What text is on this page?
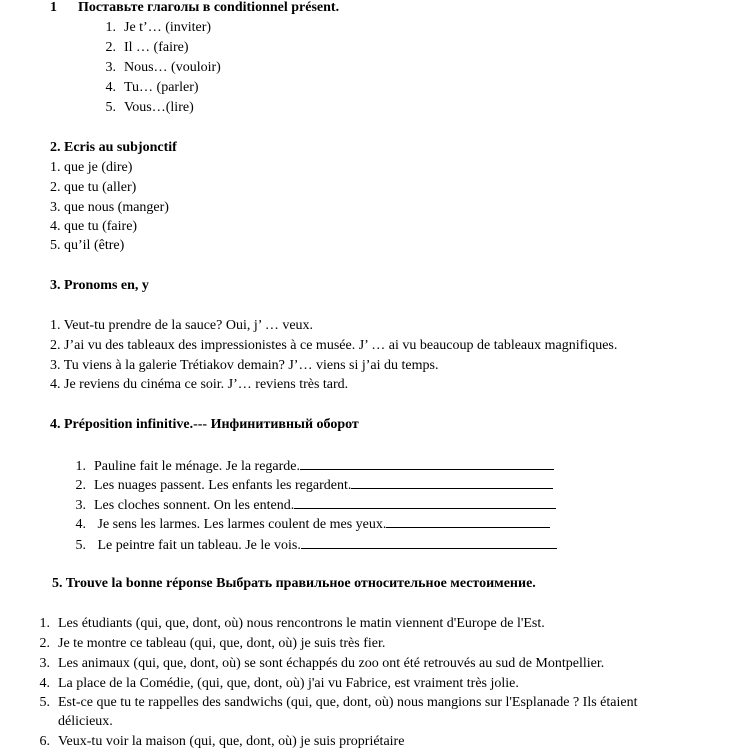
1 Поставьте глаголы в conditionnel présent.
1. Je t’… (inviter)
2. Il … (faire)
3. Nous… (vouloir)
4. Tu… (parler)
5. Vous…(lire)
2. Ecris au subjonctif
1. que je (dire)
2. que tu (aller)
3. que nous (manger)
4. que tu (faire)
5. qu’il (être)
3. Pronoms en, y
1. Veut-tu prendre de la sauce? Oui, j’ … veux.
2. J’ai vu des tableaux des impressionistes à ce musée. J’ … ai vu beaucoup de tableaux magnifiques.
3. Tu viens à la galerie Trétiakov demain? J’… viens si j’ai du temps.
4. Je reviens du cinéma ce soir. J’… reviens très tard.
4. Préposition infinitive.--- Инфинитивный оборот
1. Pauline fait le ménage. Je la regarde.
2. Les nuages passent. Les enfants les regardent.
3. Les cloches sonnent. On les entend.
4. Je sens les larmes. Les larmes coulent de mes yeux.
5. Le peintre fait un tableau. Je le vois.
5. Trouve la bonne réponse Выбрать правильное относительное местоимение.
1. Les étudiants (qui, que, dont, où) nous rencontrons le matin viennent d'Europe de l'Est.
2. Je te montre ce tableau (qui, que, dont, où) je suis très fier.
3. Les animaux (qui, que, dont, où) se sont échappés du zoo ont été retrouvés au sud de Montpellier.
4. La place de la Comédie, (qui, que, dont, où) j'ai vu Fabrice, est vraiment très jolie.
5. Est-ce que tu te rappelles des sandwichs (qui, que, dont, où) nous mangions sur l'Esplanade ? Ils étaient
délicieux.
6. Veux-tu voir la maison (qui, que, dont, où) je suis propriétaire
